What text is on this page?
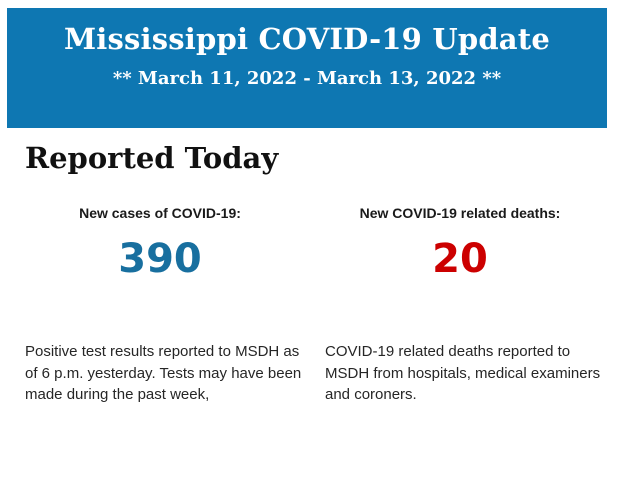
Mississippi COVID-19 Update

** March 11, 2022 - March 13, 2022 **

Reported Today
New cases of COVID-19:
390
New COVID-19 related deaths:
20

Positive test results reported to MSDH as of 6 p.m. yesterday. Tests may have been made during the past week,

COVID-19 related deaths reported to MSDH from hospitals, medical examiners and coroners.
